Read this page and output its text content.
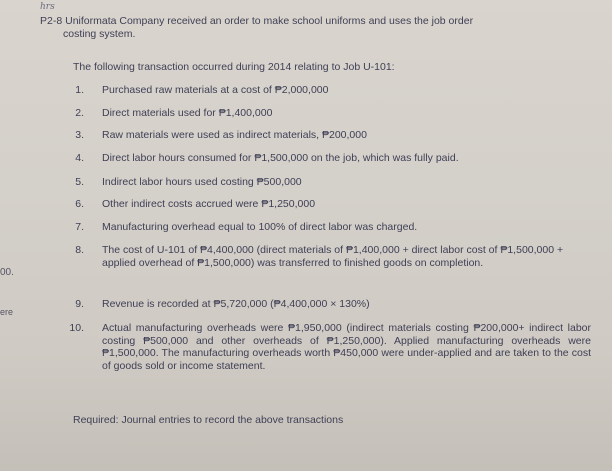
hrs
00.
ere
P2-8 Uniformata Company received an order to make school uniforms and uses the job order
costing system.
The following transaction occurred during 2014 relating to Job U-101:
1. Purchased raw materials at a cost of ₱2,000,000
2. Direct materials used for ₱1,400,000
3. Raw materials were used as indirect materials, ₱200,000
4. Direct labor hours consumed for ₱1,500,000 on the job, which was fully paid.
5. Indirect labor hours used costing ₱500,000
6. Other indirect costs accrued were ₱1,250,000
7. Manufacturing overhead equal to 100% of direct labor was charged.
8. The cost of U-101 of ₱4,400,000 (direct materials of ₱1,400,000 + direct labor cost of ₱1,500,000 + applied overhead of ₱1,500,000) was transferred to finished goods on completion.
9. Revenue is recorded at ₱5,720,000 (₱4,400,000 × 130%)
10. Actual manufacturing overheads were ₱1,950,000 (indirect materials costing ₱200,000+ indirect labor costing ₱500,000 and other overheads of ₱1,250,000). Applied manufacturing overheads were ₱1,500,000. The manufacturing overheads worth ₱450,000 were under-applied and are taken to the cost of goods sold or income statement.
Required: Journal entries to record the above transactions
